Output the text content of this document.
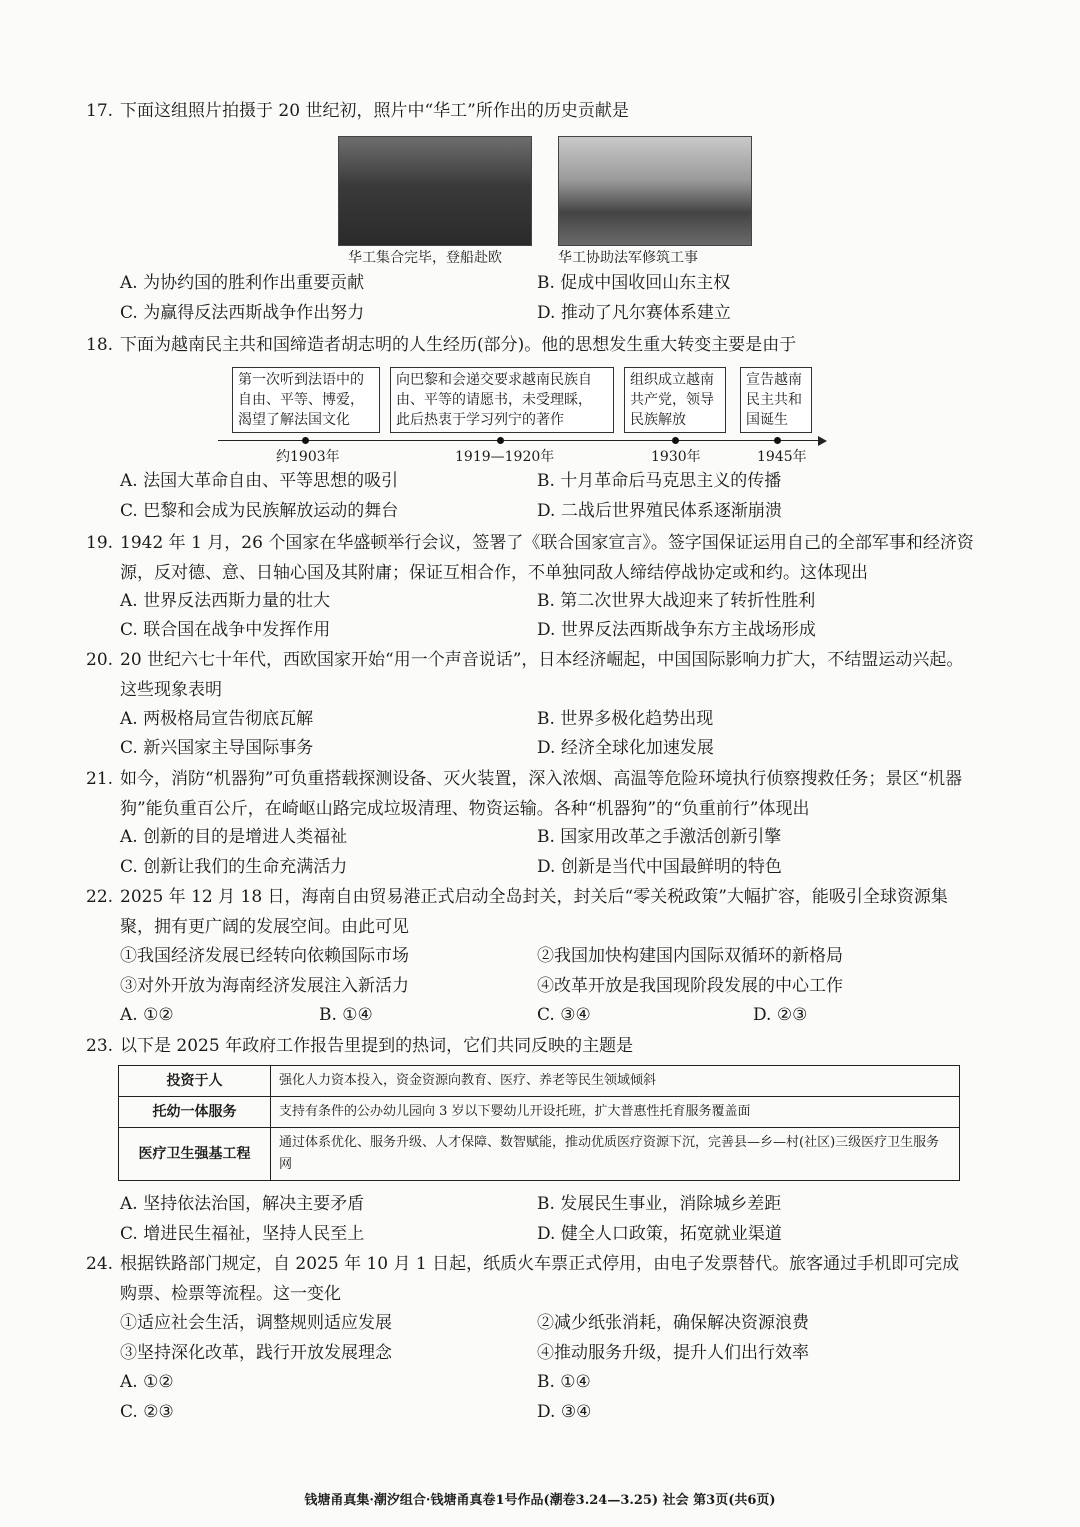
17. 下面这组照片拍摄于 20 世纪初，照片中“华工”所作出的历史贡献是
华工集合完毕，登船赴欧	华工协助法军修筑工事
A. 为协约国的胜利作出重要贡献	B. 促成中国收回山东主权
C. 为赢得反法西斯战争作出努力	D. 推动了凡尔赛体系建立
18. 下面为越南民主共和国缔造者胡志明的人生经历(部分)。他的思想发生重大转变主要是由于
第一次听到法语中的
自由、平等、博爱，
渴望了解法国文化
向巴黎和会递交要求越南民族自
由、平等的请愿书，未受理睬，
此后热衷于学习列宁的著作
组织成立越南
共产党，领导
民族解放
宣告越南
民主共和
国诞生
约1903年	1919—1920年	1930年	1945年
A. 法国大革命自由、平等思想的吸引	B. 十月革命后马克思主义的传播
C. 巴黎和会成为民族解放运动的舞台	D. 二战后世界殖民体系逐渐崩溃
19. 1942 年 1 月，26 个国家在华盛顿举行会议，签署了《联合国家宣言》。签字国保证运用自己的全部军事和经济资源，反对德、意、日轴心国及其附庸；保证互相合作，不单独同敌人缔结停战协定或和约。这体现出
A. 世界反法西斯力量的壮大	B. 第二次世界大战迎来了转折性胜利
C. 联合国在战争中发挥作用	D. 世界反法西斯战争东方主战场形成
20. 20 世纪六七十年代，西欧国家开始“用一个声音说话”，日本经济崛起，中国国际影响力扩大，不结盟运动兴起。这些现象表明
A. 两极格局宣告彻底瓦解	B. 世界多极化趋势出现
C. 新兴国家主导国际事务	D. 经济全球化加速发展
21. 如今，消防“机器狗”可负重搭载探测设备、灭火装置，深入浓烟、高温等危险环境执行侦察搜救任务；景区“机器狗”能负重百公斤，在崎岖山路完成垃圾清理、物资运输。各种“机器狗”的“负重前行”体现出
A. 创新的目的是增进人类福祉	B. 国家用改革之手激活创新引擎
C. 创新让我们的生命充满活力	D. 创新是当代中国最鲜明的特色
22. 2025 年 12 月 18 日，海南自由贸易港正式启动全岛封关，封关后“零关税政策”大幅扩容，能吸引全球资源集聚，拥有更广阔的发展空间。由此可见
①我国经济发展已经转向依赖国际市场	②我国加快构建国内国际双循环的新格局
③对外开放为海南经济发展注入新活力	④改革开放是我国现阶段发展的中心工作
A. ①②	B. ①④	C. ③④	D. ②③
23. 以下是 2025 年政府工作报告里提到的热词，它们共同反映的主题是
投资于人	强化人力资本投入，资金资源向教育、医疗、养老等民生领域倾斜
托幼一体服务	支持有条件的公办幼儿园向 3 岁以下婴幼儿开设托班，扩大普惠性托育服务覆盖面
医疗卫生强基工程	通过体系优化、服务升级、人才保障、数智赋能，推动优质医疗资源下沉，完善县—乡—村(社区)三级医疗卫生服务网
A. 坚持依法治国，解决主要矛盾	B. 发展民生事业，消除城乡差距
C. 增进民生福祉，坚持人民至上	D. 健全人口政策，拓宽就业渠道
24. 根据铁路部门规定，自 2025 年 10 月 1 日起，纸质火车票正式停用，由电子发票替代。旅客通过手机即可完成购票、检票等流程。这一变化
①适应社会生活，调整规则适应发展	②减少纸张消耗，确保解决资源浪费
③坚持深化改革，践行开放发展理念	④推动服务升级，提升人们出行效率
A. ①②	B. ①④
C. ②③	D. ③④
钱塘甬真集·潮汐组合·钱塘甬真卷1号作品(潮卷3.24—3.25) 社会 第3页(共6页)
